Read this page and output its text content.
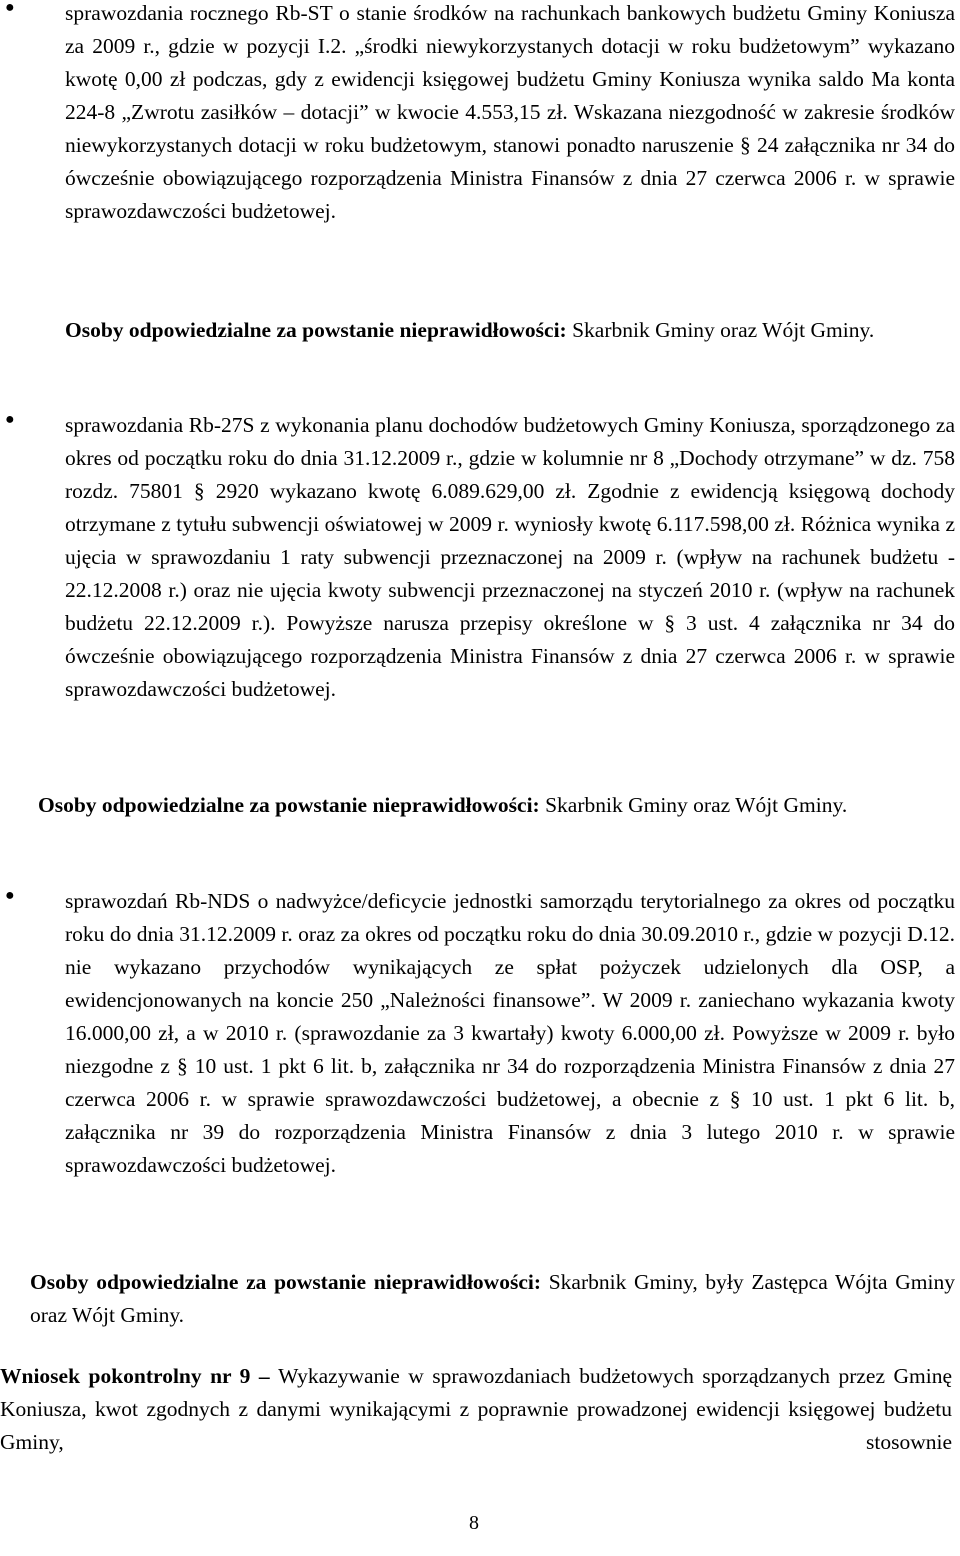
● sprawozdania rocznego Rb-ST o stanie środków na rachunkach bankowych budżetu Gminy Koniusza za 2009 r., gdzie w pozycji I.2. „środki niewykorzystanych dotacji w roku budżetowym” wykazano kwotę 0,00 zł podczas, gdy z ewidencji księgowej budżetu Gminy Koniusza wynika saldo Ma konta 224-8 „Zwrotu zasiłków – dotacji” w kwocie 4.553,15 zł. Wskazana niezgodność w zakresie środków niewykorzystanych dotacji w roku budżetowym, stanowi ponadto naruszenie § 24 załącznika nr 34 do ówcześnie obowiązującego rozporządzenia Ministra Finansów z dnia 27 czerwca 2006 r. w sprawie sprawozdawczości budżetowej.
Osoby odpowiedzialne za powstanie nieprawidłowości: Skarbnik Gminy oraz Wójt Gminy.
● sprawozdania Rb-27S z wykonania planu dochodów budżetowych Gminy Koniusza, sporządzonego za okres od początku roku do dnia 31.12.2009 r., gdzie w kolumnie nr 8 „Dochody otrzymane” w dz. 758 rozdz. 75801 § 2920 wykazano kwotę 6.089.629,00 zł. Zgodnie z ewidencją księgową dochody otrzymane z tytułu subwencji oświatowej w 2009 r. wyniosły kwotę 6.117.598,00 zł. Różnica wynika z ujęcia w sprawozdaniu 1 raty subwencji przeznaczonej na 2009 r. (wpływ na rachunek budżetu - 22.12.2008 r.) oraz nie ujęcia kwoty subwencji przeznaczonej na styczeń 2010 r. (wpływ na rachunek budżetu 22.12.2009 r.). Powyższe narusza przepisy określone w § 3 ust. 4 załącznika nr 34 do ówcześnie obowiązującego rozporządzenia Ministra Finansów z dnia 27 czerwca 2006 r. w sprawie sprawozdawczości budżetowej.
Osoby odpowiedzialne za powstanie nieprawidłowości: Skarbnik Gminy oraz Wójt Gminy.
● sprawozdań Rb-NDS o nadwyżce/deficycie jednostki samorządu terytorialnego za okres od początku roku do dnia 31.12.2009 r. oraz za okres od początku roku do dnia 30.09.2010 r., gdzie w pozycji D.12. nie wykazano przychodów wynikających ze spłat pożyczek udzielonych dla OSP, a ewidencjonowanych na koncie 250 „Należności finansowe”. W 2009 r. zaniechano wykazania kwoty 16.000,00 zł, a w 2010 r. (sprawozdanie za 3 kwartały) kwoty 6.000,00 zł. Powyższe w 2009 r. było niezgodne z § 10 ust. 1 pkt 6 lit. b, załącznika nr 34 do rozporządzenia Ministra Finansów z dnia 27 czerwca 2006 r. w sprawie sprawozdawczości budżetowej, a obecnie z § 10 ust. 1 pkt 6 lit. b, załącznika nr 39 do rozporządzenia Ministra Finansów z dnia 3 lutego 2010 r. w sprawie sprawozdawczości budżetowej.
Osoby odpowiedzialne za powstanie nieprawidłowości: Skarbnik Gminy, były Zastępca Wójta Gminy oraz Wójt Gminy.
Wniosek pokontrolny nr 9 – Wykazywanie w sprawozdaniach budżetowych sporządzanych przez Gminę Koniusza, kwot zgodnych z danymi wynikającymi z poprawnie prowadzonej ewidencji księgowej budżetu Gminy, stosownie
8
